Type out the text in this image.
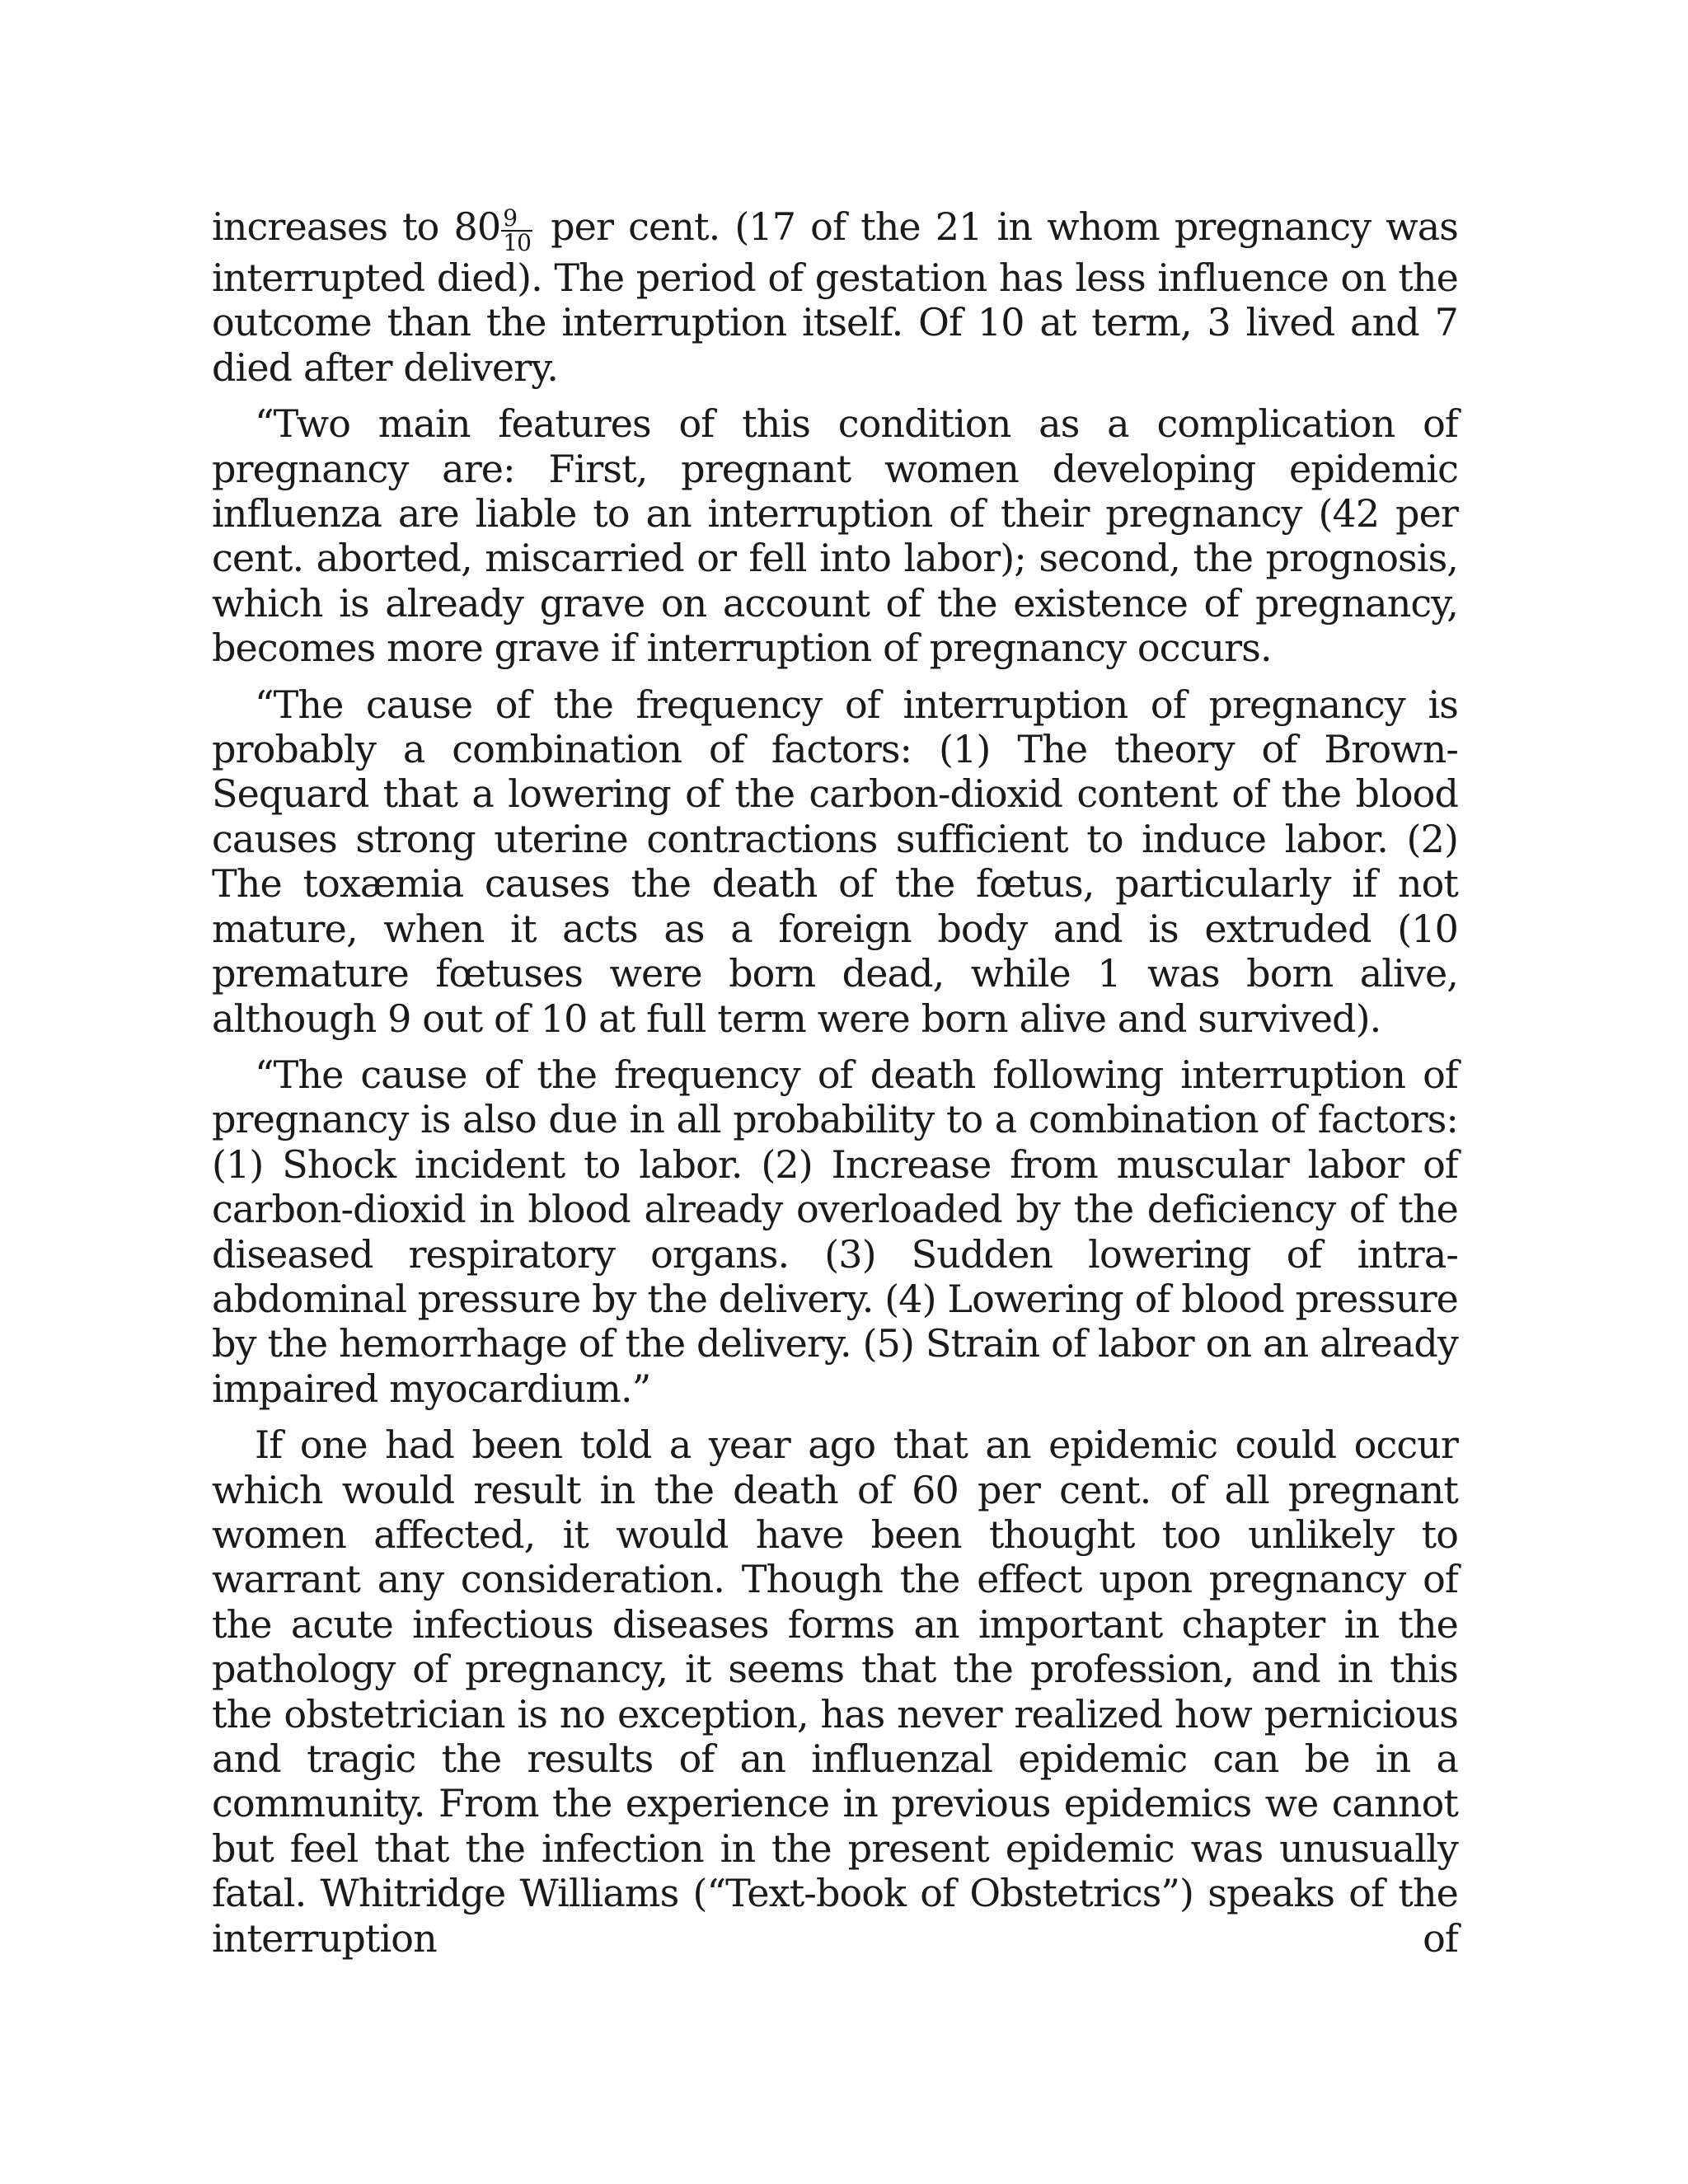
increases to $80 \frac{9}{10}$ per cent. (17 of the 21 in whom pregnancy was
interrupted died). The period of gestation has less influence on the outcome than the interruption itself. Of 10 at term, 3 lived and 7 died after delivery.

“Two main features of this condition as a complication of pregnancy are: First, pregnant women developing epidemic influenza are liable to an interruption of their pregnancy (42 per cent. aborted, miscarried or fell into labor); second, the prognosis, which is already grave on account of the existence of pregnancy, becomes more grave if interruption of pregnancy occurs.

“The cause of the frequency of interruption of pregnancy is probably a combination of factors: (1) The theory of Brown-Sequard that a lowering of the carbon-dioxid content of the blood causes strong uterine contractions sufficient to induce labor. (2) The toxæmia causes the death of the fœtus, particularly if not mature, when it acts as a foreign body and is extruded (10 premature fœtuses were born dead, while 1 was born alive, although 9 out of 10 at full term were born alive and survived).

“The cause of the frequency of death following interruption of pregnancy is also due in all probability to a combination of factors: (1) Shock incident to labor. (2) Increase from muscular labor of carbon-dioxid in blood already overloaded by the deficiency of the diseased respiratory organs. (3) Sudden lowering of intra-abdominal pressure by the delivery. (4) Lowering of blood pressure by the hemorrhage of the delivery. (5) Strain of labor on an already impaired myocardium.”

If one had been told a year ago that an epidemic could occur which would result in the death of 60 per cent. of all pregnant women affected, it would have been thought too unlikely to warrant any consideration. Though the effect upon pregnancy of the acute infectious diseases forms an important chapter in the pathology of pregnancy, it seems that the profession, and in this the obstetrician is no exception, has never realized how pernicious and tragic the results of an influenzal epidemic can be in a community. From the experience in previous epidemics we cannot but feel that the infection in the present epidemic was unusually fatal. Whitridge Williams (“Text-book of Obstetrics”) speaks of the interruption of
